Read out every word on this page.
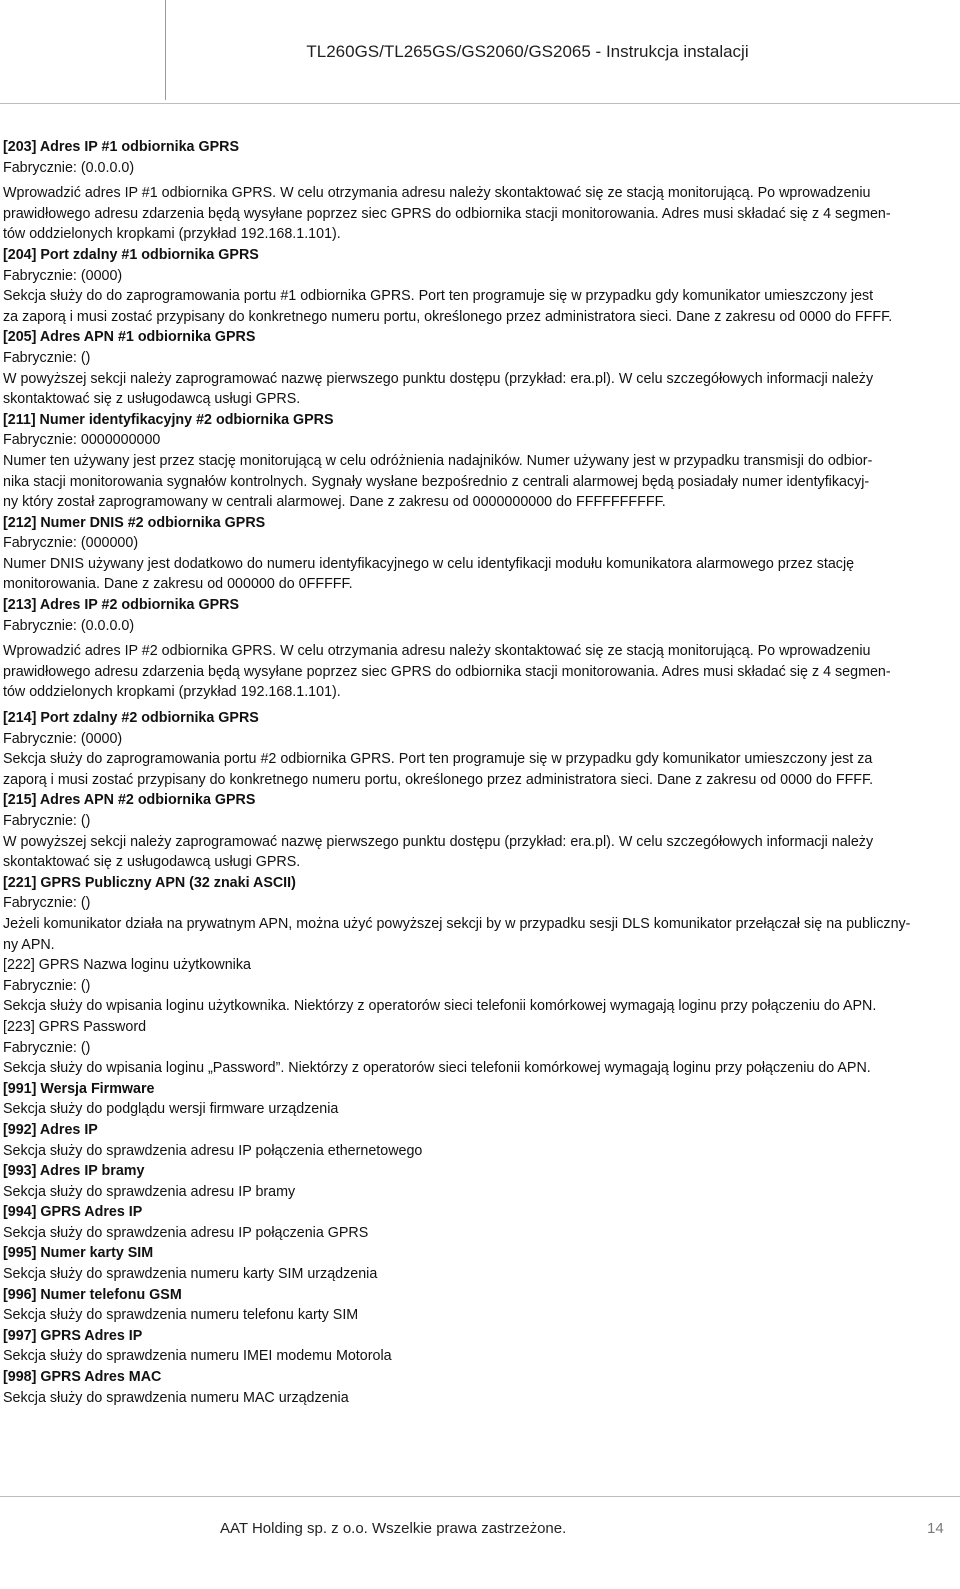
TL260GS/TL265GS/GS2060/GS2065 - Instrukcja instalacji

[203] Adres IP #1 odbiornika GPRS

Fabrycznie: (0.0.0.0)

Wprowadzić adres IP #1 odbiornika GPRS. W celu otrzymania adresu należy skontaktować się ze stacją monitorującą. Po wprowadzeniu

prawidłowego adresu zdarzenia będą wysyłane poprzez siec GPRS do odbiornika stacji monitorowania. Adres musi składać się z 4 segmen-

tów oddzielonych kropkami (przykład 192.168.1.101).

[204] Port zdalny #1 odbiornika GPRS

Fabrycznie: (0000)

Sekcja służy do do zaprogramowania portu #1 odbiornika GPRS. Port ten programuje się w przypadku gdy komunikator umieszczony jest

za zaporą i musi zostać przypisany do konkretnego numeru portu, określonego przez administratora sieci. Dane z zakresu od 0000 do FFFF.

[205] Adres APN #1 odbiornika GPRS

Fabrycznie: ()

W powyższej sekcji należy zaprogramować nazwę pierwszego punktu dostępu (przykład: era.pl). W celu szczegółowych informacji należy

skontaktować się z usługodawcą usługi GPRS.

[211] Numer identyfikacyjny #2 odbiornika GPRS

Fabrycznie: 0000000000

Numer ten używany jest przez stację monitorującą w celu odróżnienia nadajników. Numer używany jest w przypadku transmisji do odbior-

nika stacji monitorowania sygnałów kontrolnych. Sygnały wysłane bezpośrednio z centrali alarmowej będą posiadały numer identyfikacyj-

ny który został zaprogramowany w centrali alarmowej. Dane z zakresu od 0000000000 do FFFFFFFFFF.

[212] Numer DNIS #2 odbiornika GPRS

Fabrycznie: (000000)

Numer DNIS używany jest dodatkowo do numeru identyfikacyjnego w celu identyfikacji modułu komunikatora alarmowego przez stację

monitorowania. Dane z zakresu od 000000 do 0FFFFF.

[213] Adres IP #2 odbiornika GPRS

Fabrycznie: (0.0.0.0)

Wprowadzić adres IP #2 odbiornika GPRS. W celu otrzymania adresu należy skontaktować się ze stacją monitorującą. Po wprowadzeniu

prawidłowego adresu zdarzenia będą wysyłane poprzez siec GPRS do odbiornika stacji monitorowania. Adres musi składać się z 4 segmen-

tów oddzielonych kropkami (przykład 192.168.1.101).

[214] Port zdalny #2 odbiornika GPRS

Fabrycznie: (0000)

Sekcja służy do zaprogramowania portu #2 odbiornika GPRS. Port ten programuje się w przypadku gdy komunikator umieszczony jest za

zaporą i musi zostać przypisany do konkretnego numeru portu, określonego przez administratora sieci. Dane z zakresu od 0000 do FFFF.

[215] Adres APN #2 odbiornika GPRS

Fabrycznie: ()

W powyższej sekcji należy zaprogramować nazwę pierwszego punktu dostępu (przykład: era.pl). W celu szczegółowych informacji należy

skontaktować się z usługodawcą usługi GPRS.

[221] GPRS Publiczny APN (32 znaki ASCII)

Fabrycznie: ()

Jeżeli komunikator działa na prywatnym APN, można użyć powyższej sekcji by w przypadku sesji DLS komunikator przełączał się na publiczny-

ny APN.

[222] GPRS Nazwa loginu użytkownika

Fabrycznie: ()

Sekcja służy do wpisania loginu użytkownika. Niektórzy z operatorów sieci telefonii komórkowej wymagają loginu przy połączeniu do APN.

[223] GPRS Password

Fabrycznie: ()

Sekcja służy do wpisania loginu „Password”. Niektórzy z operatorów sieci telefonii komórkowej wymagają loginu przy połączeniu do APN.

[991] Wersja Firmware

Sekcja służy do podglądu wersji firmware urządzenia

[992] Adres IP

Sekcja służy do sprawdzenia adresu IP połączenia ethernetowego

[993] Adres IP bramy

Sekcja służy do sprawdzenia adresu IP bramy

[994] GPRS Adres IP

Sekcja służy do sprawdzenia adresu IP połączenia GPRS

[995] Numer karty SIM

Sekcja służy do sprawdzenia numeru karty SIM urządzenia

[996] Numer telefonu GSM

Sekcja służy do sprawdzenia numeru telefonu karty SIM

[997] GPRS Adres IP

Sekcja służy do sprawdzenia numeru IMEI modemu Motorola

[998] GPRS Adres MAC

Sekcja służy do sprawdzenia numeru MAC urządzenia

AAT Holding sp. z o.o. Wszelkie prawa zastrzeżone.	14
